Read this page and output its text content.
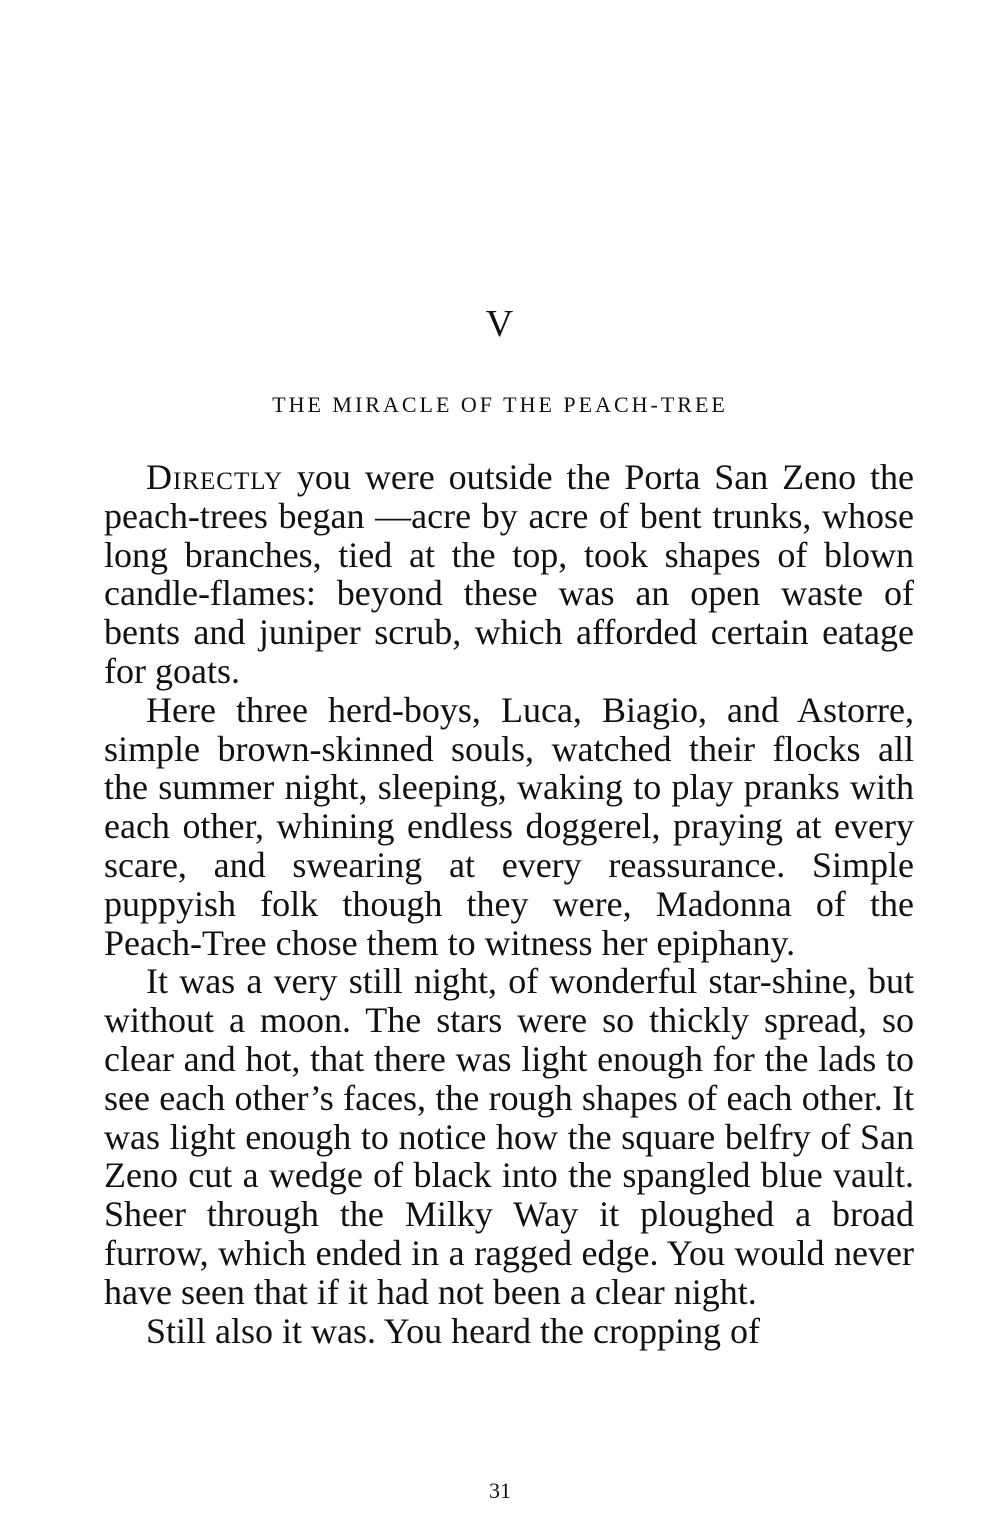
V
THE MIRACLE OF THE PEACH-TREE

Directly you were outside the Porta San Zeno the peach-trees began —acre by acre of bent trunks, whose long branches, tied at the top, took shapes of blown candle-flames: beyond these was an open waste of bents and juniper scrub, which afforded certain eatage for goats.

Here three herd-boys, Luca, Biagio, and Astorre, simple brown-skinned souls, watched their flocks all the summer night, sleeping, waking to play pranks with each other, whining endless doggerel, praying at every scare, and swearing at every reassurance. Simple puppyish folk though they were, Madonna of the Peach-Tree chose them to witness her epiphany.

It was a very still night, of wonderful star-shine, but without a moon. The stars were so thickly spread, so clear and hot, that there was light enough for the lads to see each other’s faces, the rough shapes of each other. It was light enough to notice how the square belfry of San Zeno cut a wedge of black into the spangled blue vault. Sheer through the Milky Way it ploughed a broad furrow, which ended in a ragged edge. You would never have seen that if it had not been a clear night.

Still also it was. You heard the cropping of

31
